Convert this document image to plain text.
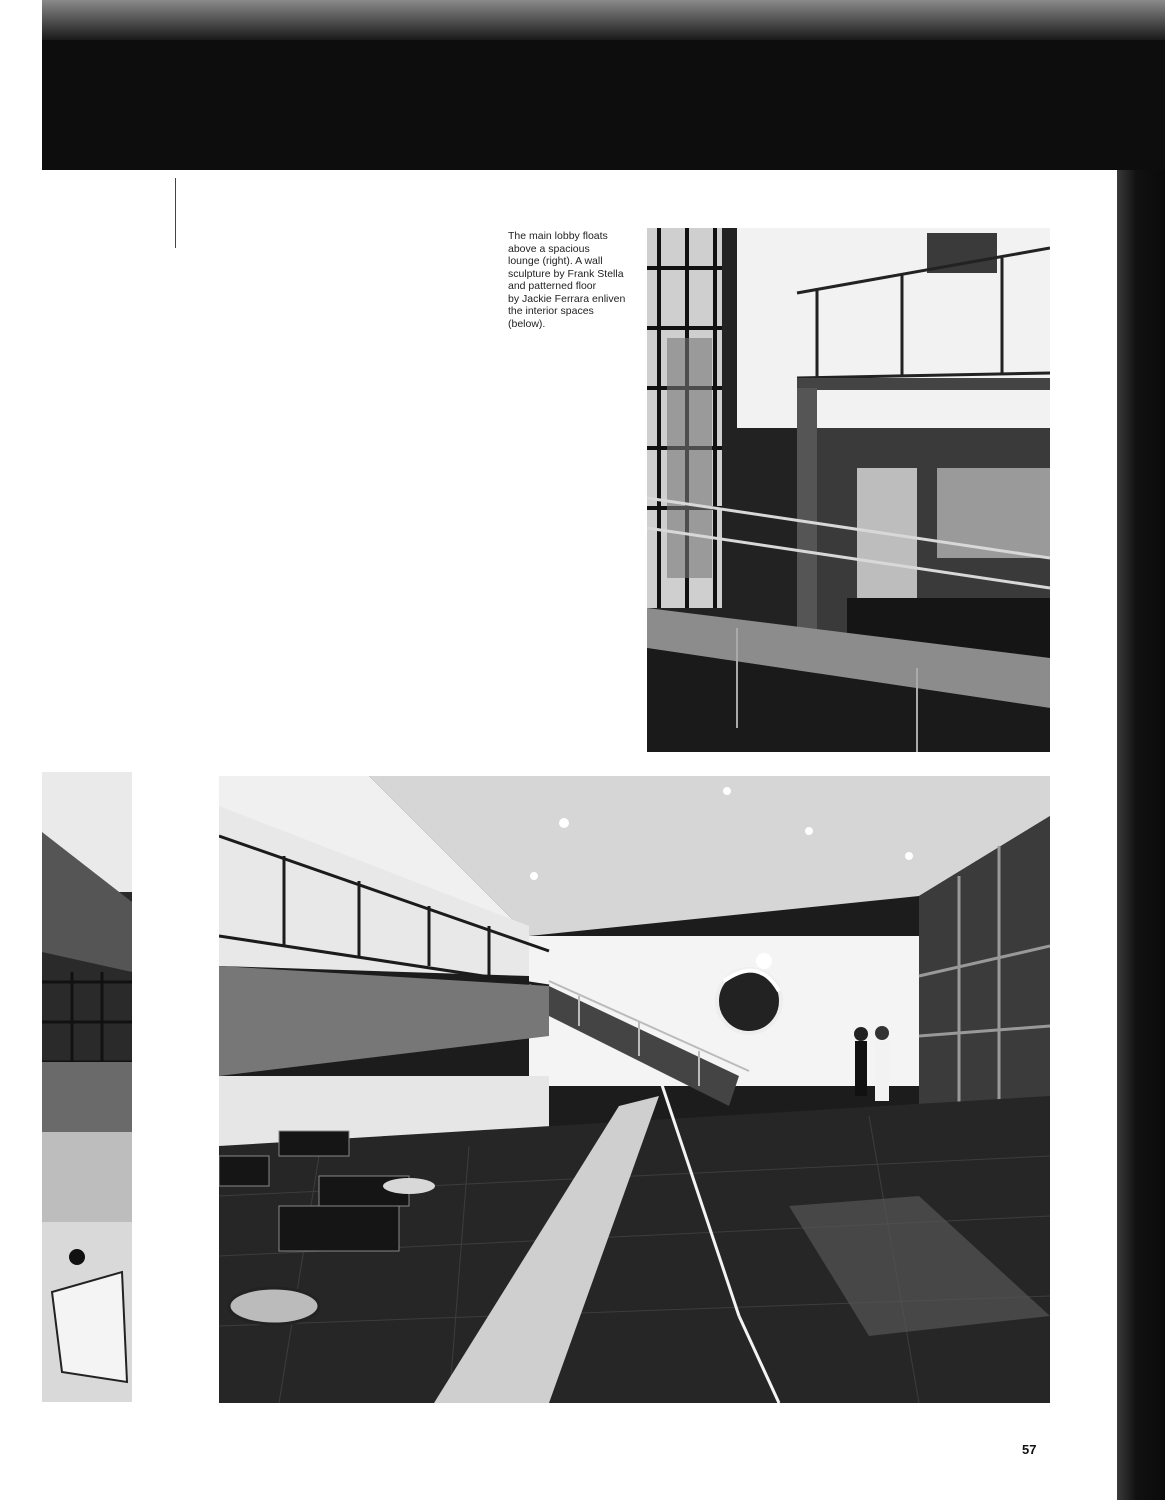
The main lobby floats
above a spacious
lounge (right). A wall
sculpture by Frank Stella
and patterned floor
by Jackie Ferrara enliven
the interior spaces
(below).
57
